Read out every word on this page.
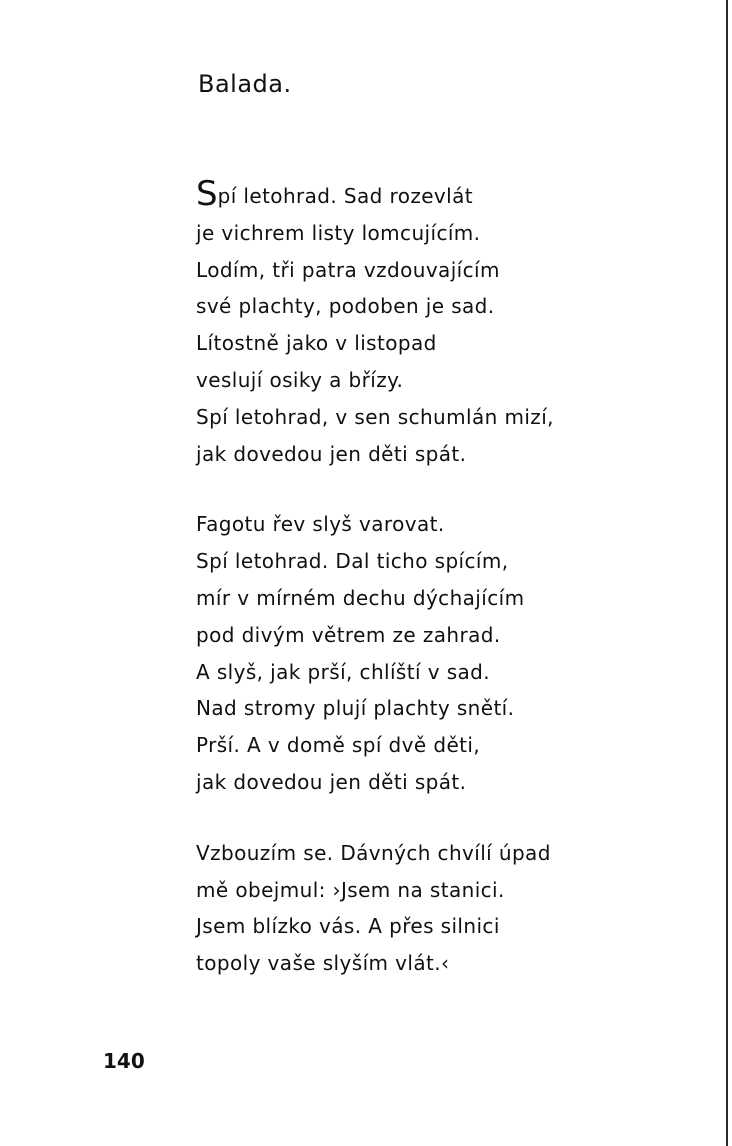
Balada.
Spí letohrad. Sad rozevlát
je vichrem listy lomcujícím.
Lodím, tři patra vzdouvajícím
své plachty, podoben je sad.
Lítostně jako v listopad
veslují osiky a břízy.
Spí letohrad, v sen schumlán mizí,
jak dovedou jen děti spát.
Fagotu řev slyš varovat.
Spí letohrad. Dal ticho spícím,
mír v mírném dechu dýchajícím
pod divým větrem ze zahrad.
A slyš, jak prší, chlíští v sad.
Nad stromy plují plachty snětí.
Prší. A v domě spí dvě děti,
jak dovedou jen děti spát.
Vzbouzím se. Dávných chvílí úpad
mě obejmul: ›Jsem na stanici.
Jsem blízko vás. A přes silnici
topoly vaše slyším vlát.‹
140
